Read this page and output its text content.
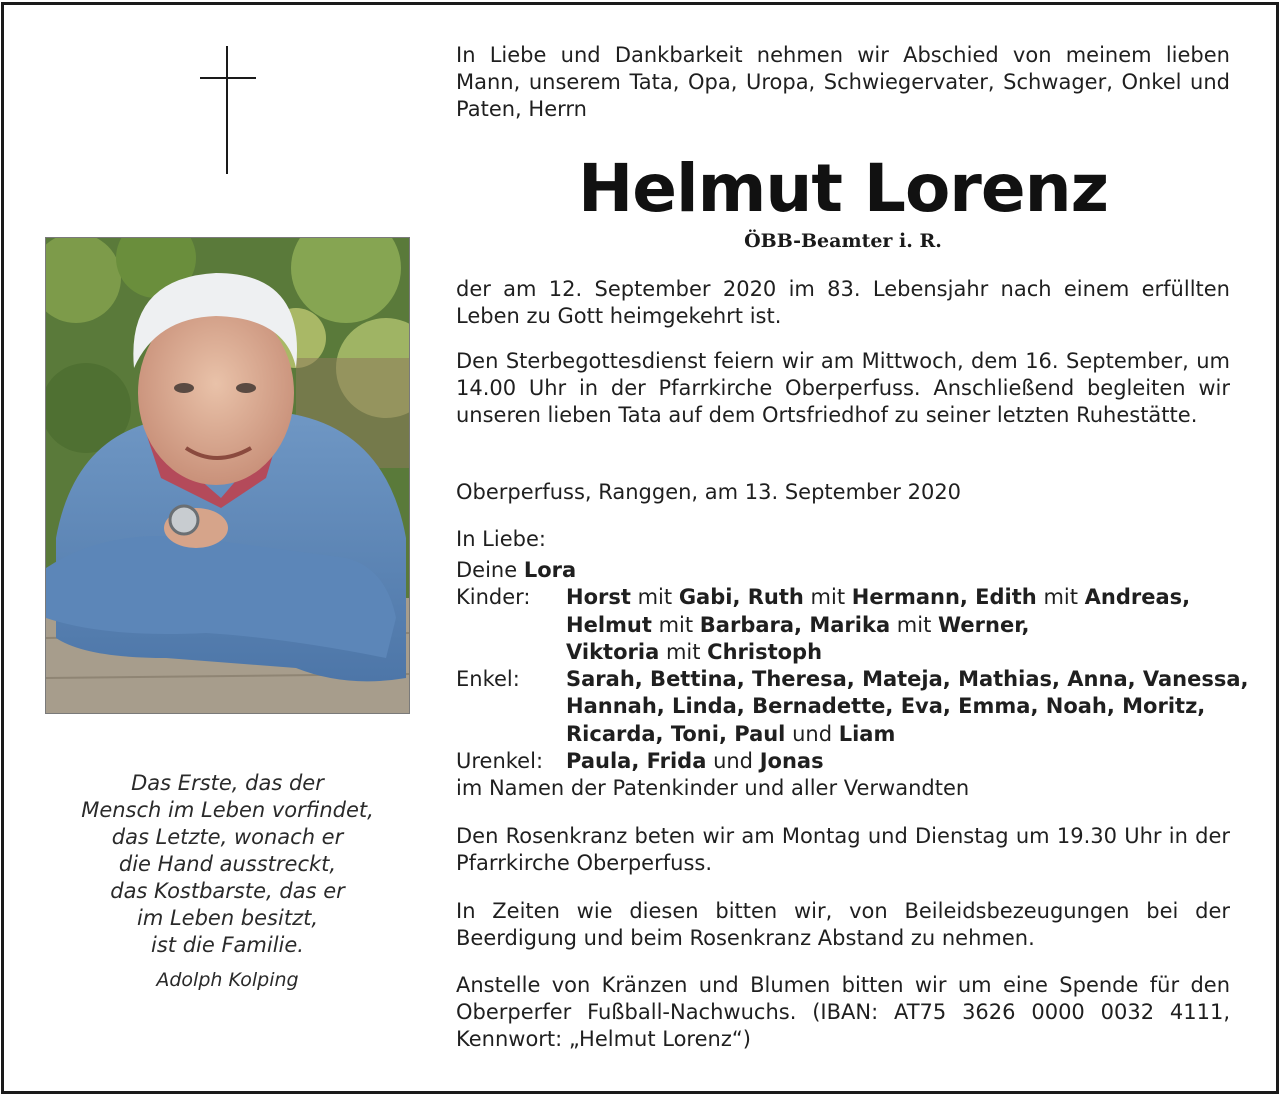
Das Erste, das der
Mensch im Leben vorfindet,
das Letzte, wonach er
die Hand ausstreckt,
das Kostbarste, das er
im Leben besitzt,
ist die Familie.
Adolph Kolping
In Liebe und Dankbarkeit nehmen wir Abschied von meinem lieben Mann, unserem Tata, Opa, Uropa, Schwiegervater, Schwager, Onkel und Paten, Herrn
Helmut Lorenz
ÖBB-Beamter i. R.
der am 12. September 2020 im 83. Lebensjahr nach einem erfüllten Leben zu Gott heimgekehrt ist.
Den Sterbegottesdienst feiern wir am Mittwoch, dem 16. September, um 14.00 Uhr in der Pfarrkirche Oberperfuss. Anschließend begleiten wir unseren lieben Tata auf dem Ortsfriedhof zu seiner letzten Ruhestätte.
Oberperfuss, Ranggen, am 13. September 2020
In Liebe:
Deine
Lora
Kinder:	Horst mit Gabi, Ruth mit Hermann, Edith mit Andreas,
Helmut mit Barbara, Marika mit Werner,
Viktoria mit Christoph
Enkel:	Sarah, Bettina, Theresa, Mateja, Mathias, Anna, Vanessa,
Hannah, Linda, Bernadette, Eva, Emma, Noah, Moritz,
Ricarda, Toni, Paul und Liam
Urenkel:	Paula, Frida und Jonas
im Namen der Patenkinder und aller Verwandten
Den Rosenkranz beten wir am Montag und Dienstag um 19.30 Uhr in der Pfarrkirche Oberperfuss.
In Zeiten wie diesen bitten wir, von Beileidsbezeugungen bei der Beerdigung und beim Rosenkranz Abstand zu nehmen.
Anstelle von Kränzen und Blumen bitten wir um eine Spende für den Oberperfer Fußball-Nachwuchs. (IBAN: AT75 3626 0000 0032 4111, Kennwort: „Helmut Lorenz“)
